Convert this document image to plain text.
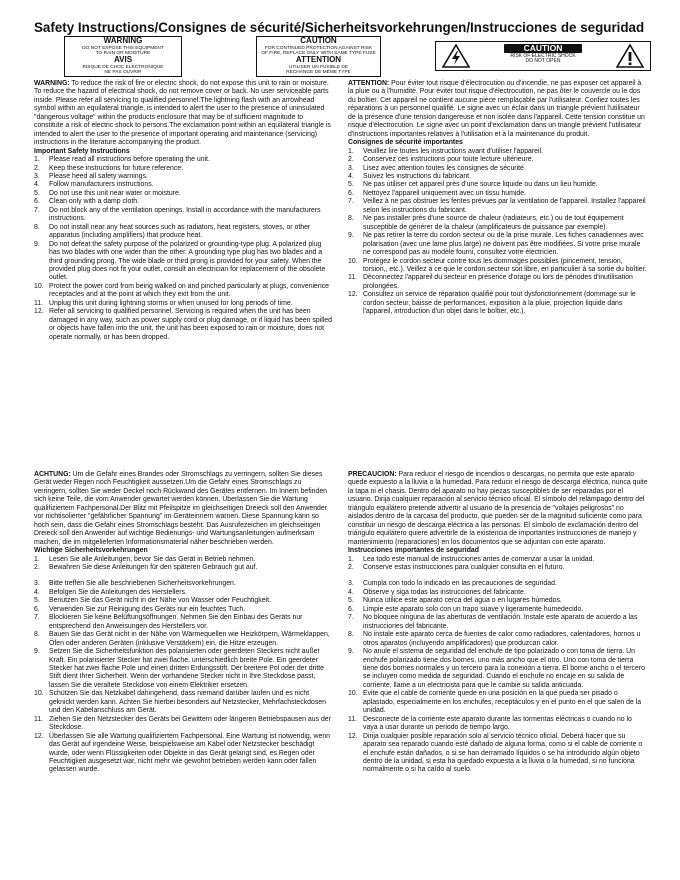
Safety Instructions/Consignes de sécurité/Sicherheitsvorkehrungen/Instrucciones de seguridad
WARNING
DO NOT EXPOSE THIS EQUIPMENT
TO RAIN OR MOISTURE
AVIS
RISQUE DE CHOC ELECTRONIQUE
NE PAS OUVRIR
CAUTION
FOR CONTINUED PROTECTION AGAINST RISK
OF FIRE, REPLACE ONLY WITH SAME TYPE FUSE
ATTENTION
UTILISER UN FUSIBLE DE
RECHANGE DE MÊME TYPE
CAUTION
RISK OF ELECTRIC SHOCK
DO NOT OPEN

WARNING: To reduce the risk of fire or electric shock, do not expose this unit to rain or moisture. To reduce the hazard of electrical shock, do not remove cover or back. No user serviceable parts inside. Please refer all servicing to qualified personnel.The lightning flash with an arrowhead symbol within an equilateral triangle, is intended to alert the user to the presence of uninsulated "dangerous voltage" within the products enclosure that may be of sufficient magnitude to constitute a risk of electric shock to persons.The exclamation point within an equilateral triangle is intended to alert the user to the presence of important operating and maintenance (servicing) instructions in the literature accompanying the product.

Important Safety Instructions

1. Please read all instructions before operating the unit.
2. Keep these instructions for future reference.
3. Please heed all safety warnings.
4. Follow manufacturers instructions.
5. Do not use this unit near water or moisture.
6. Clean only with a damp cloth.
7. Do not block any of the ventilation openings. Install in accordance with the manufacturers instructions.
8. Do not install near any heat sources such as radiators, heat registers, stoves, or other apparatus (including amplifiers) that produce heat.
9. Do not defeat the safety purpose of the polarized or grounding-type plug. A polarized plug has two blades with one wider than the other. A grounding type plug has two blades and a third grounding prong. The wide blade or third prong is provided for your safety. When the provided plug does not fit your outlet, consult an electrician for replacement of the obsolete outlet.
10. Protect the power cord from being walked on and pinched particularly at plugs, convenience receptacles and at the point at which they exit from the unit.
11. Unplug this unit during lightning storms or when unused for long periods of time.
12. Refer all servicing to qualified personnel. Servicing is required when the unit has been damaged in any way, such as power supply cord or plug damage, or if liquid has been spilled or objects have fallen into the unit, the unit has been exposed to rain or moisture, does not operate normally, or has been dropped.

ATTENTION: Pour éviter tout risque d'électrocution ou d'incendie, ne pas exposer cet appareil à la pluie ou à l'humidité. Pour éviter tout risque d'électrocution, ne pas ôter le couvercle ou le dos du boîtier. Cet appareil ne contient aucune pièce remplaçable par l'utilisateur. Confiez toutes les réparations à un personnel qualifié. Le signe avec un éclair dans un triangle prévient l'utilisateur de la présence d'une tension dangereuse et non isolée dans l'appareil. Cette tension constitue un risque d'électrocution. Le signe avec un point d'exclamation dans un triangle prévient l'utilisateur d'instructions importantes relatives à l'utilisation et à la maintenance du produit.

Consignes de sécurité importantes

1. Veuillez lire toutes les instructions avant d'utiliser l'appareil.
2. Conservez ces instructions pour toute lecture ultérieure.
3. Lisez avec attention toutes les consignes de sécurité.
4. Suivez les instructions du fabricant.
5. Ne pas utiliser cet appareil près d'une source liquide ou dans un lieu humide.
6. Nettoyez l'appareil uniquement avec un tissu humide.
7. Veillez à ne pas obstruer les fentes prévues par la ventilation de l'appareil. Installez l'appareil selon les instructions du fabricant.
8. Ne pas installer près d'une source de chaleur (radiateurs, etc.) ou de tout équipement susceptible de générer de la chaleur (amplificateurs de puissance par exemple).
9. Ne pas retirer la terre du cordon secteur ou de la prise murale. Les fiches canadiennes avec polarisation (avec une lame plus large) ne doivent pas être modifiées. Si votre prise murale ne correspond pas au modèle fourni, consultez votre électricien.
10. Protégez le cordon secteur contre tous les dommages possibles (pincement, tension, torsion,, etc.). Veillez à ce que le cordon secteur soit libre, en particulier à sa sortie du boîtier.
11. Déconnectez l'appareil du secteur en présence d'orage ou lors de périodes d'inutilisation prolongées.
12. Consultez un service de réparation qualifié pour tout dysfonctionnement (dommage sur le cordon secteur, baisse de performances, exposition à la pluie, projection liquide dans l'appareil, introduction d'un objet dans le boîtier, etc.).

ACHTUNG: Um die Gefahr eines Brandes oder Stromschlags zu verringern, sollten Sie dieses Gerät weder Regen noch Feuchtigkeit aussetzen.Um die Gefahr eines Stromschlags zu verringern, sollten Sie weder Deckel noch Rückwand des Gerätes entfernen. Im Innern befinden sich keine Teile, die vom Anwender gewartet werden können. Überlassen Sie die Wartung qualifiziertem Fachpersonal.Der Blitz mit Pfeilspitze im gleichseitigen Dreieck soll den Anwender vor nichtisolierter "gefährlicher Spannung" im Geräteinnern warnen. Diese Spannung kann so hoch sein, dass die Gefahr eines Stromschlags besteht. Das Ausrufezeichen im gleichseitigen Dreieck soll den Anwender auf wichtige Bedienungs- und Wartungsanleitungen aufmerksam machen, die im mitgelieferten Informationsmaterial näher beschrieben werden.

Wichtige Sicherheitsvorkehrungen

1. Lesen Sie alle Anleitungen, bevor Sie das Gerät in Betrieb nehmen.
2. Bewahren Sie diese Anleitungen für den späteren Gebrauch gut auf.
3. Bitte treffen Sie alle beschriebenen Sicherheitsvorkehrungen.
4. Befolgen Sie die Anleitungen des Herstellers.
5. Benutzen Sie das Gerät nicht in der Nähe von Wasser oder Feuchtigkeit.
6. Verwenden Sie zur Reinigung des Geräts nur ein feuchtes Tuch.
7. Blockieren Sie keine Belüftungsöffnungen. Nehmen Sie den Einbau des Geräts nur entsprechend den Anweisungen des Herstellers vor.
8. Bauen Sie das Gerät nicht in der Nähe von Wärmequellen wie Heizkörpern, Wärmeklappen, Öfen oder anderen Geräten (inklusive Verstärkern) ein, die Hitze erzeugen.
9. Setzen Sie die Sicherheitsfunktion des polarisierten oder geerdeten Steckers nicht außer Kraft. Ein polarisierter Stecker hat zwei flache, unterschiedlich breite Pole. Ein geerdeter Stecker hat zwei flache Pole und einen dritten Erdungsstift. Der breitere Pol oder der dritte Stift dient Ihrer Sicherheit. Wenn der vorhandene Stecker nicht in Ihre Steckdose passt, lassen Sie die veraltete Steckdose von einem Elektriker ersetzen.
10. Schützen Sie das Netzkabel dahingehend, dass niemand darüber laufen und es nicht geknickt werden kann. Achten Sie hierbei besonders auf Netzstecker, Mehrfachsteckdosen und den Kabelanschluss am Gerät.
11. Ziehen Sie den Netzstecker des Geräts bei Gewittern oder längeren Betriebspausen aus der Steckdose.
12. Überlassen Sie alle Wartung qualifiziertem Fachpersonal. Eine Wartung ist notwendig, wenn das Gerät auf irgendeine Weise, beispielsweise am Kabel oder Netzstecker beschädigt wurde, oder wenn Flüssigkeiten oder Objekte in das Gerät gelangt sind, es Regen oder Feuchtigkeit ausgesetzt war, nicht mehr wie gewohnt betrieben werden kann oder fallen gelassen wurde.

PRECAUCION: Para reducir el riesgo de incendios o descargas, no permita que este aparato quede expuesto a la lluvia o la humedad. Para reducir el riesgo de descarga eléctrica, nunca quite la tapa ni el chasis. Dentro del aparato no hay piezas susceptibles de ser reparadas por el usuario. Dirija cualquier reparación al servicio técnico oficial. El símbolo del relámpago dentro del triángulo equilátero pretende advertir al usuario de la presencia de "voltajes peligrosos" no aislados dentro de la carcasa del producto, que pueden ser de la magnitud suficiente como para constituir un riesgo de descarga eléctrica a las personas. El símbolo de exclamación dentro del triángulo equilátero quiere advertirle de la existencia de importantes instrucciones de manejo y mantenimiento (reparaciones) en los documentos que se adjuntan con este aparato.

Instrucciones importantes de seguridad

1. Lea todo este manual de instrucciones antes de comenzar a usar la unidad.
2. Conserve estas instrucciones para cualquier consulta en el futuro.
3. Cumpla con todo lo indicado en las precauciones de seguridad.
4. Observe y siga todas las instrucciones del fabricante.
5. Nunca utilice este aparato cerca del agua o en lugares húmedos.
6. Limpie este aparato solo con un trapo suave y ligeramente humedecido.
7. No bloquee ninguna de las aberturas de ventilación. Instale este aparato de acuerdo a las instrucciones del fabricante.
8. No instale este aparato cerca de fuentes de calor como radiadores, calentadores, hornos u otros aparatos (incluyendo amplificadores) que produzcan calor.
9. No anule el sistema de seguridad del enchufe de tipo polarizado o con toma de tierra. Un enchufe polarizado tiene dos bornes, uno más ancho que el otro. Uno con toma de tierra tiene dos bornes normales y un tercero para la conexión a tierra. El borne ancho o el tercero se incluyen como medida de seguridad. Cuando el enchufe no encaje en su salida de corriente, llame a un electricista para que le cambie su salida anticuada.
10. Evite que el cable de corriente quede en una posición en la que pueda ser pisado o aplastado, especialmente en los enchufes, receptáculos y en el punto en el que salen de la unidad.
11. Desconecte de la corriente este aparato durante las tormentas eléctricas o cuando no lo vaya a usar durante un periodo de tiempo largo.
12. Dirija cualquier posible reparación solo al servicio técnico oficial. Deberá hacer que su aparato sea reparado cuando esté dañado de alguna forma, como si el cable de corriente o el enchufe están dañados, o si se han derramado líquidos o se ha introducido algún objeto dentro de la unidad, si esta ha quedado expuesta a la lluvia o la humedad, si no funciona normalmente o si ha caído al suelo.
